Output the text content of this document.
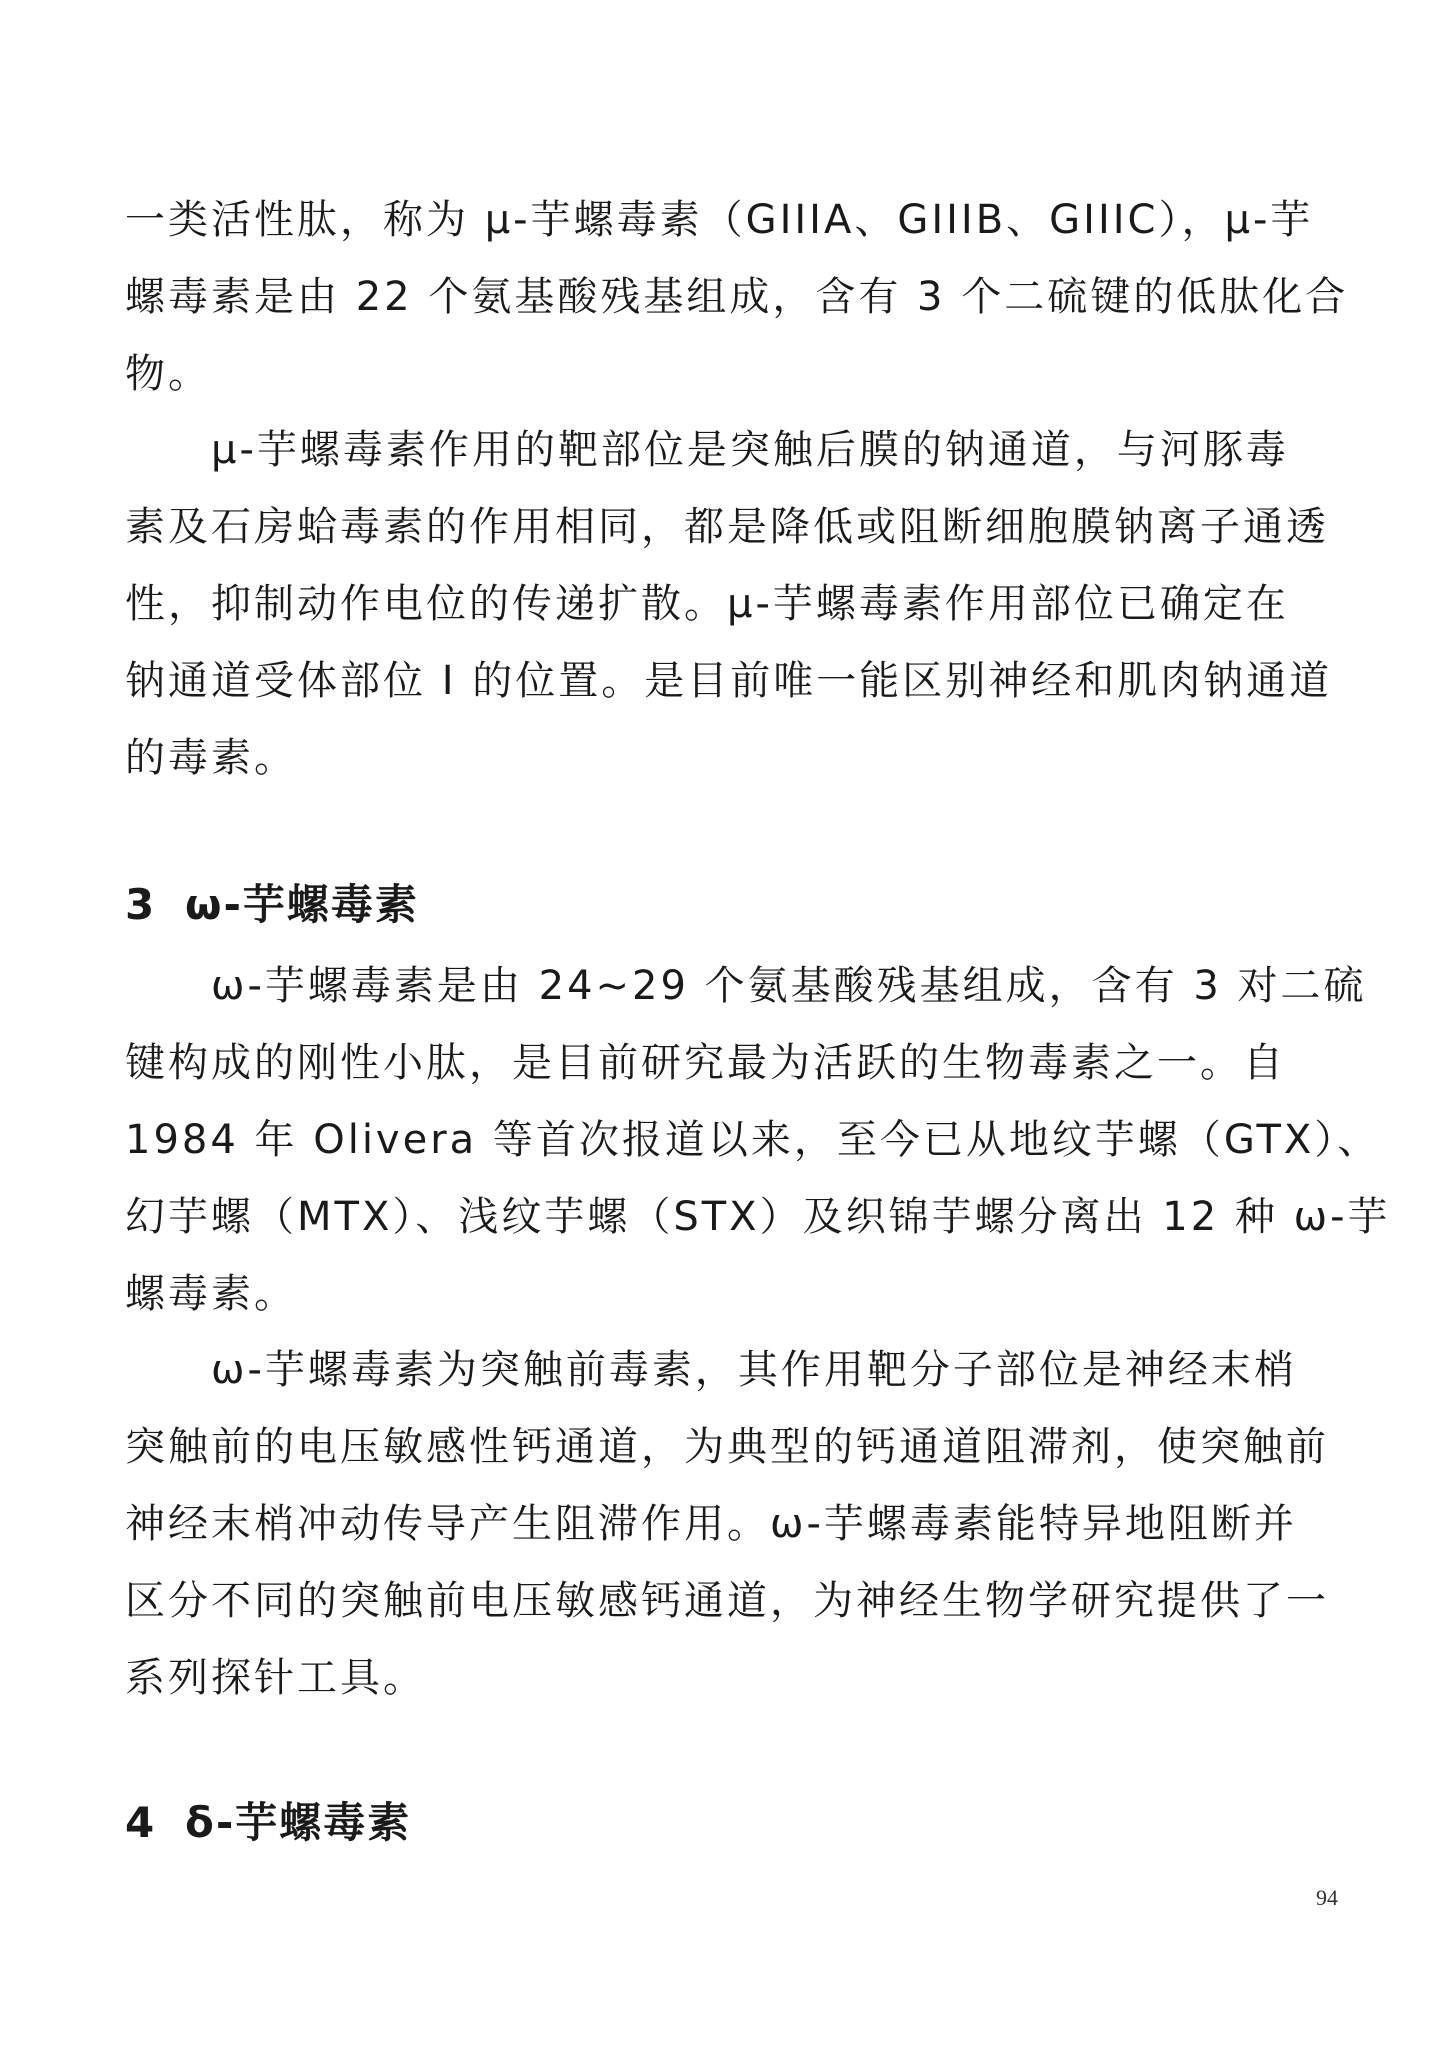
一类活性肽，称为 μ-芋螺毒素（GIIIA、GIIIB、GIIIC），μ-芋
螺毒素是由 22 个氨基酸残基组成，含有 3 个二硫键的低肽化合
物。

　　μ-芋螺毒素作用的靶部位是突触后膜的钠通道，与河豚毒
素及石房蛤毒素的作用相同，都是降低或阻断细胞膜钠离子通透
性，抑制动作电位的传递扩散。μ-芋螺毒素作用部位已确定在
钠通道受体部位 I 的位置。是目前唯一能区别神经和肌肉钠通道
的毒素。

3 ω-芋螺毒素

　　ω-芋螺毒素是由 24~29 个氨基酸残基组成，含有 3 对二硫
键构成的刚性小肽，是目前研究最为活跃的生物毒素之一。自
1984 年 Olivera 等首次报道以来，至今已从地纹芋螺（GTX）、
幻芋螺（MTX）、浅纹芋螺（STX）及织锦芋螺分离出 12 种 ω-芋
螺毒素。

　　ω-芋螺毒素为突触前毒素，其作用靶分子部位是神经末梢
突触前的电压敏感性钙通道，为典型的钙通道阻滞剂，使突触前
神经末梢冲动传导产生阻滞作用。ω-芋螺毒素能特异地阻断并
区分不同的突触前电压敏感钙通道，为神经生物学研究提供了一
系列探针工具。

4 δ-芋螺毒素
94
